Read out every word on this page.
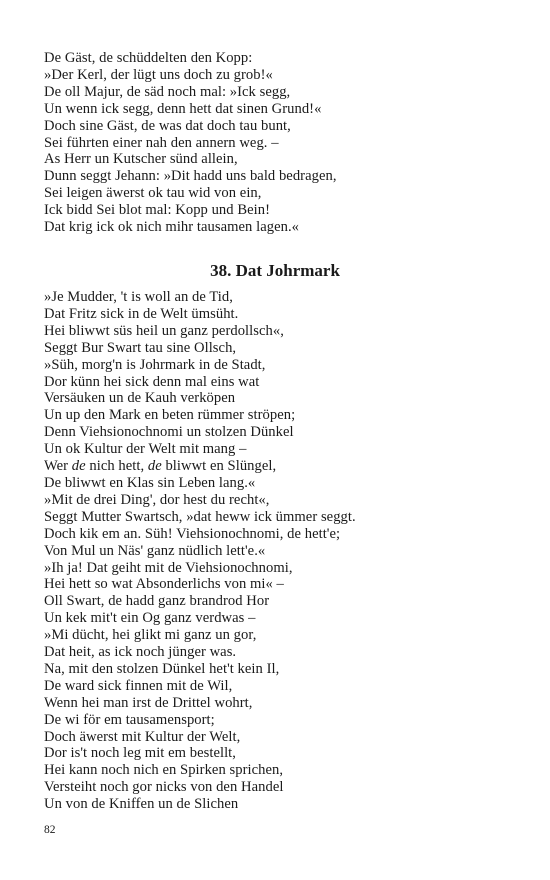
De Gäst, de schüddelten den Kopp:
»Der Kerl, der lügt uns doch zu grob!«
De oll Majur, de säd noch mal: »Ick segg,
Un wenn ick segg, denn hett dat sinen Grund!«
Doch sine Gäst, de was dat doch tau bunt,
Sei führten einer nah den annern weg. –
As Herr un Kutscher sünd allein,
Dunn seggt Jehann: »Dit hadd uns bald bedragen,
Sei leigen äwerst ok tau wid von ein,
Ick bidd Sei blot mal: Kopp und Bein!
Dat krig ick ok nich mihr tausamen lagen.«
38. Dat Johrmark
»Je Mudder, 't is woll an de Tid,
Dat Fritz sick in de Welt ümsüht.
Hei bliwwt süs heil un ganz perdollsch«,
Seggt Bur Swart tau sine Ollsch,
»Süh, morg'n is Johrmark in de Stadt,
Dor künn hei sick denn mal eins wat
Versäuken un de Kauh verköpen
Un up den Mark en beten rümmer ströpen;
Denn Viehsionochnomi un stolzen Dünkel
Un ok Kultur der Welt mit mang –
Wer de nich hett, de bliwwt en Slüngel,
De bliwwt en Klas sin Leben lang.«
»Mit de drei Ding', dor hest du recht«,
Seggt Mutter Swartsch, »dat heww ick ümmer seggt.
Doch kik em an. Süh! Viehsionochnomi, de hett'e;
Von Mul un Näs' ganz nüdlich lett'e.«
»Ih ja! Dat geiht mit de Viehsionochnomi,
Hei hett so wat Absonderlichs von mi« –
Oll Swart, de hadd ganz brandrod Hor
Un kek mit't ein Og ganz verdwas –
»Mi dücht, hei glikt mi ganz un gor,
Dat heit, as ick noch jünger was.
Na, mit den stolzen Dünkel het't kein Il,
De ward sick finnen mit de Wil,
Wenn hei man irst de Drittel wohrt,
De wi för em tausamensport;
Doch äwerst mit Kultur der Welt,
Dor is't noch leg mit em bestellt,
Hei kann noch nich en Spirken sprichen,
Versteiht noch gor nicks von den Handel
Un von de Kniffen un de Slichen
82
